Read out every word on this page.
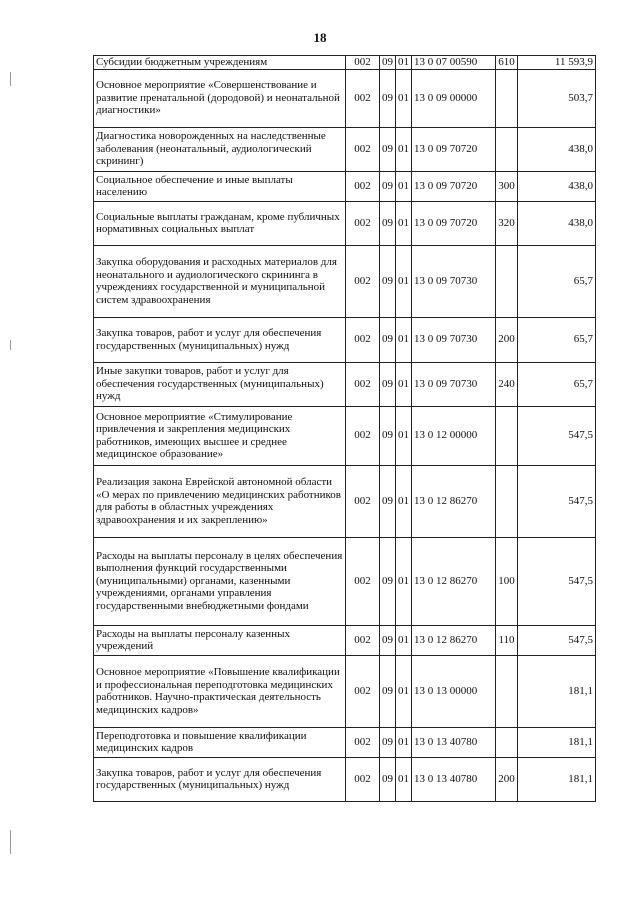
18
Субсидии бюджетным учреждениям	002	09	01	13 0 07 00590	610	11 593,9
Основное мероприятие «Совершенствование и развитие пренатальной (дородовой) и неонатальной диагностики»	002	09	01	13 0 09 00000		503,7
Диагностика новорожденных на наследственные заболевания (неонатальный, аудиологический скрининг)	002	09	01	13 0 09 70720		438,0
Социальное обеспечение и иные выплаты населению	002	09	01	13 0 09 70720	300	438,0
Социальные выплаты гражданам, кроме публичных нормативных социальных выплат	002	09	01	13 0 09 70720	320	438,0
Закупка оборудования и расходных материалов для неонатального и аудиологического скрининга в учреждениях государственной и муниципальной систем здравоохранения	002	09	01	13 0 09 70730		65,7
Закупка товаров, работ и услуг для обеспечения государственных (муниципальных) нужд	002	09	01	13 0 09 70730	200	65,7
Иные закупки товаров, работ и услуг для обеспечения государственных (муниципальных) нужд	002	09	01	13 0 09 70730	240	65,7
Основное мероприятие «Стимулирование привлечения и закрепления медицинских работников, имеющих высшее и среднее медицинское образование»	002	09	01	13 0 12 00000		547,5
Реализация закона Еврейской автономной области «О мерах по привлечению медицинских работников для работы в областных учреждениях здравоохранения и их закреплению»	002	09	01	13 0 12 86270		547,5
Расходы на выплаты персоналу в целях обеспечения выполнения функций государственными (муниципальными) органами, казенными учреждениями, органами управления государственными внебюджетными фондами	002	09	01	13 0 12 86270	100	547,5
Расходы на выплаты персоналу казенных учреждений	002	09	01	13 0 12 86270	110	547,5
Основное мероприятие «Повышение квалификации и профессиональная переподготовка медицинских работников. Научно-практическая деятельность медицинских кадров»	002	09	01	13 0 13 00000		181,1
Переподготовка и повышение квалификации медицинских кадров	002	09	01	13 0 13 40780		181,1
Закупка товаров, работ и услуг для обеспечения государственных (муниципальных) нужд	002	09	01	13 0 13 40780	200	181,1
